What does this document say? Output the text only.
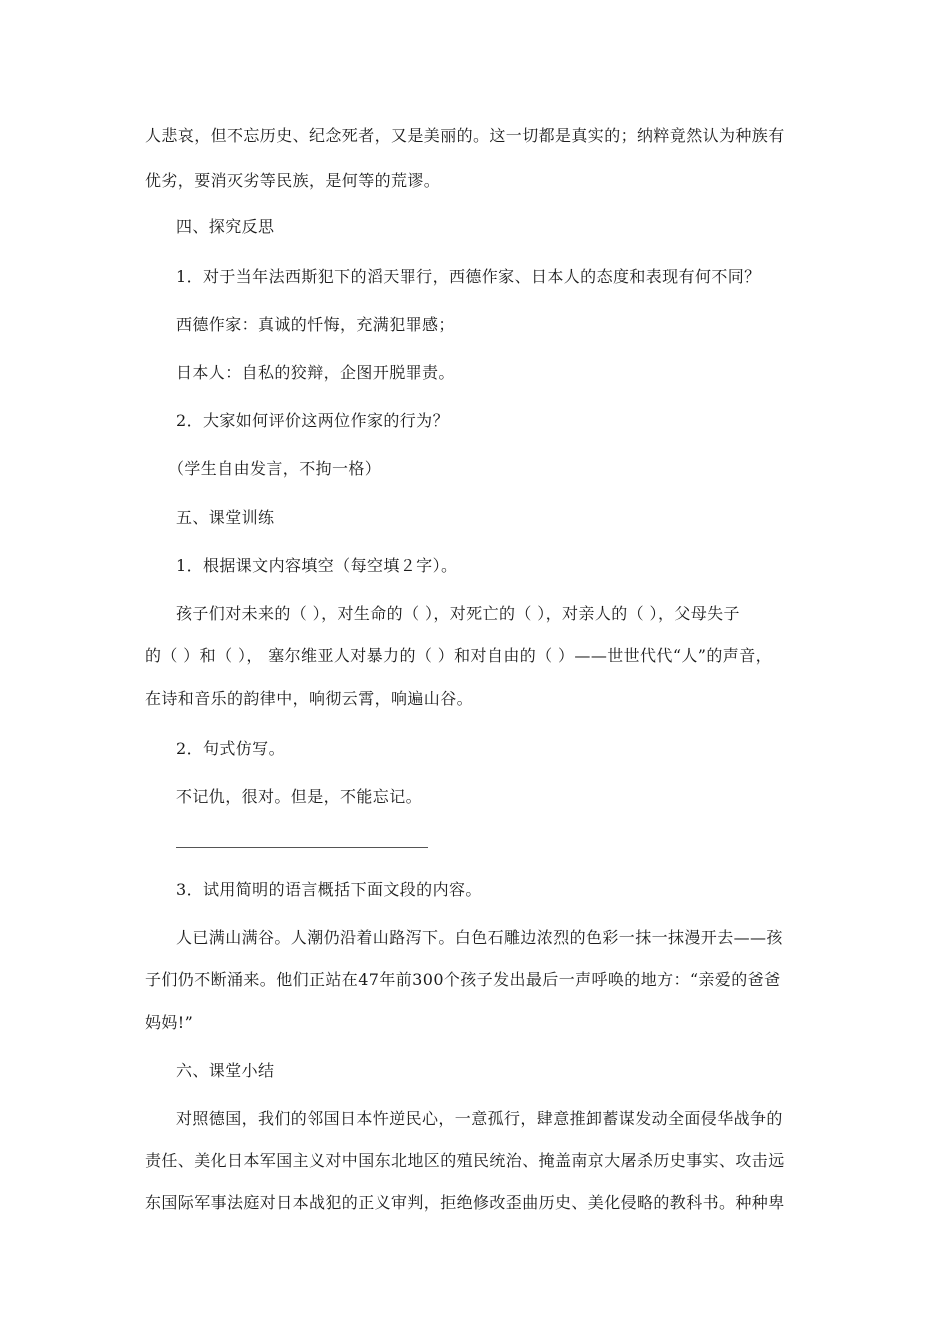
人悲哀，但不忘历史、纪念死者，又是美丽的。这一切都是真实的；纳粹竟然认为种族有
优劣，要消灭劣等民族，是何等的荒谬。
四、探究反思
1．对于当年法西斯犯下的滔天罪行，西德作家、日本人的态度和表现有何不同？
西德作家：真诚的忏悔，充满犯罪感；
日本人：自私的狡辩，企图开脱罪责。
2．大家如何评价这两位作家的行为？
（学生自由发言，不拘一格）
五、课堂训练
1．根据课文内容填空（每空填２字）。
孩子们对未来的（ ），对生命的（ ），对死亡的（ ），对亲人的（ ），父母失子
的（ ）和（ ）， 塞尔维亚人对暴力的（ ）和对自由的（ ）——世世代代“人”的声音，
在诗和音乐的韵律中，响彻云霄，响遍山谷。
2．句式仿写。
不记仇，很对。但是，不能忘记。
3．试用简明的语言概括下面文段的内容。
人已满山满谷。人潮仍沿着山路泻下。白色石雕边浓烈的色彩一抹一抹漫开去——孩
子们仍不断涌来。他们正站在47年前300个孩子发出最后一声呼唤的地方：“亲爱的爸爸
妈妈!”
六、课堂小结
对照德国，我们的邻国日本忤逆民心，一意孤行，肆意推卸蓄谋发动全面侵华战争的
责任、美化日本军国主义对中国东北地区的殖民统治、掩盖南京大屠杀历史事实、攻击远
东国际军事法庭对日本战犯的正义审判，拒绝修改歪曲历史、美化侵略的教科书。种种卑
